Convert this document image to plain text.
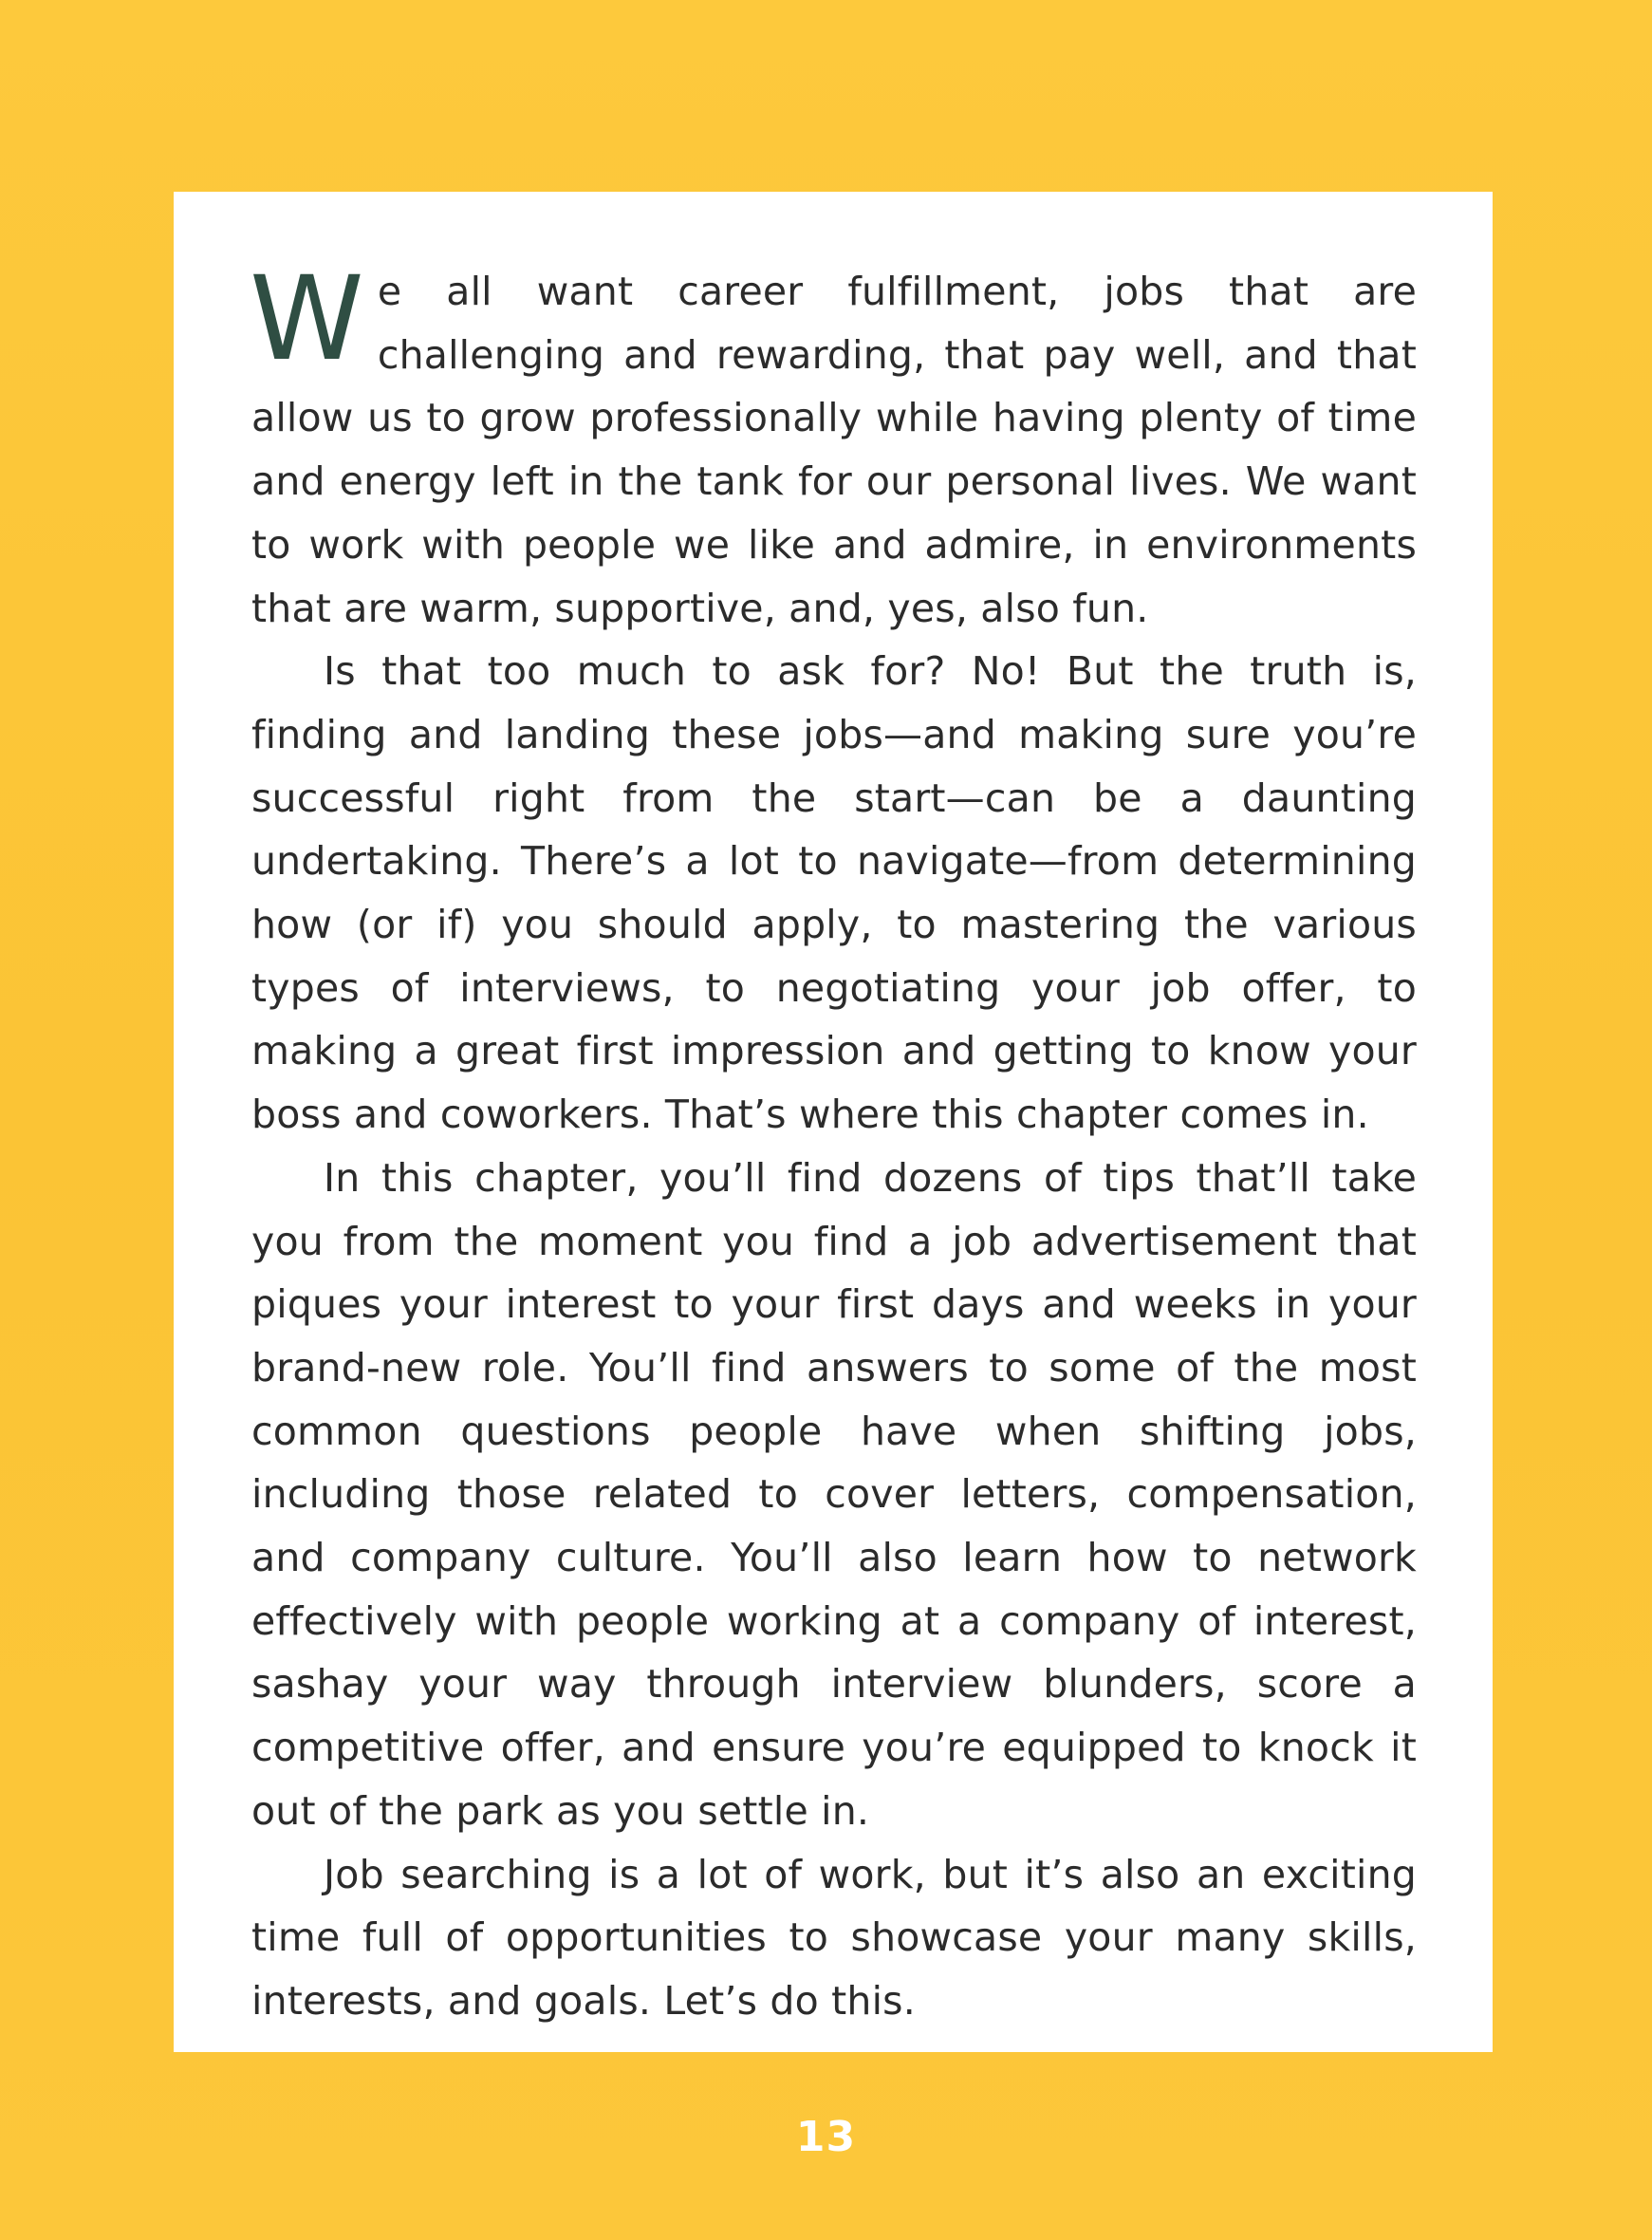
We all want career fulfillment, jobs that are challenging and rewarding, that pay well, and that allow us to grow professionally while having plenty of time and energy left in the tank for our personal lives. We want to work with people we like and admire, in environments that are warm, supportive, and, yes, also fun.

Is that too much to ask for? No! But the truth is, finding and landing these jobs—and making sure you’re successful right from the start—can be a daunting undertaking. There’s a lot to navigate—from determining how (or if) you should apply, to mastering the various types of interviews, to negotiating your job offer, to making a great first impression and getting to know your boss and coworkers. That’s where this chapter comes in.

In this chapter, you’ll find dozens of tips that’ll take you from the moment you find a job advertisement that piques your interest to your first days and weeks in your brand-new role. You’ll find answers to some of the most common questions people have when shifting jobs, including those related to cover letters, compensation, and company culture. You’ll also learn how to network effectively with people working at a company of interest, sashay your way through interview blunders, score a competitive offer, and ensure you’re equipped to knock it out of the park as you settle in.

Job searching is a lot of work, but it’s also an exciting time full of opportunities to showcase your many skills, interests, and goals. Let’s do this.

13
